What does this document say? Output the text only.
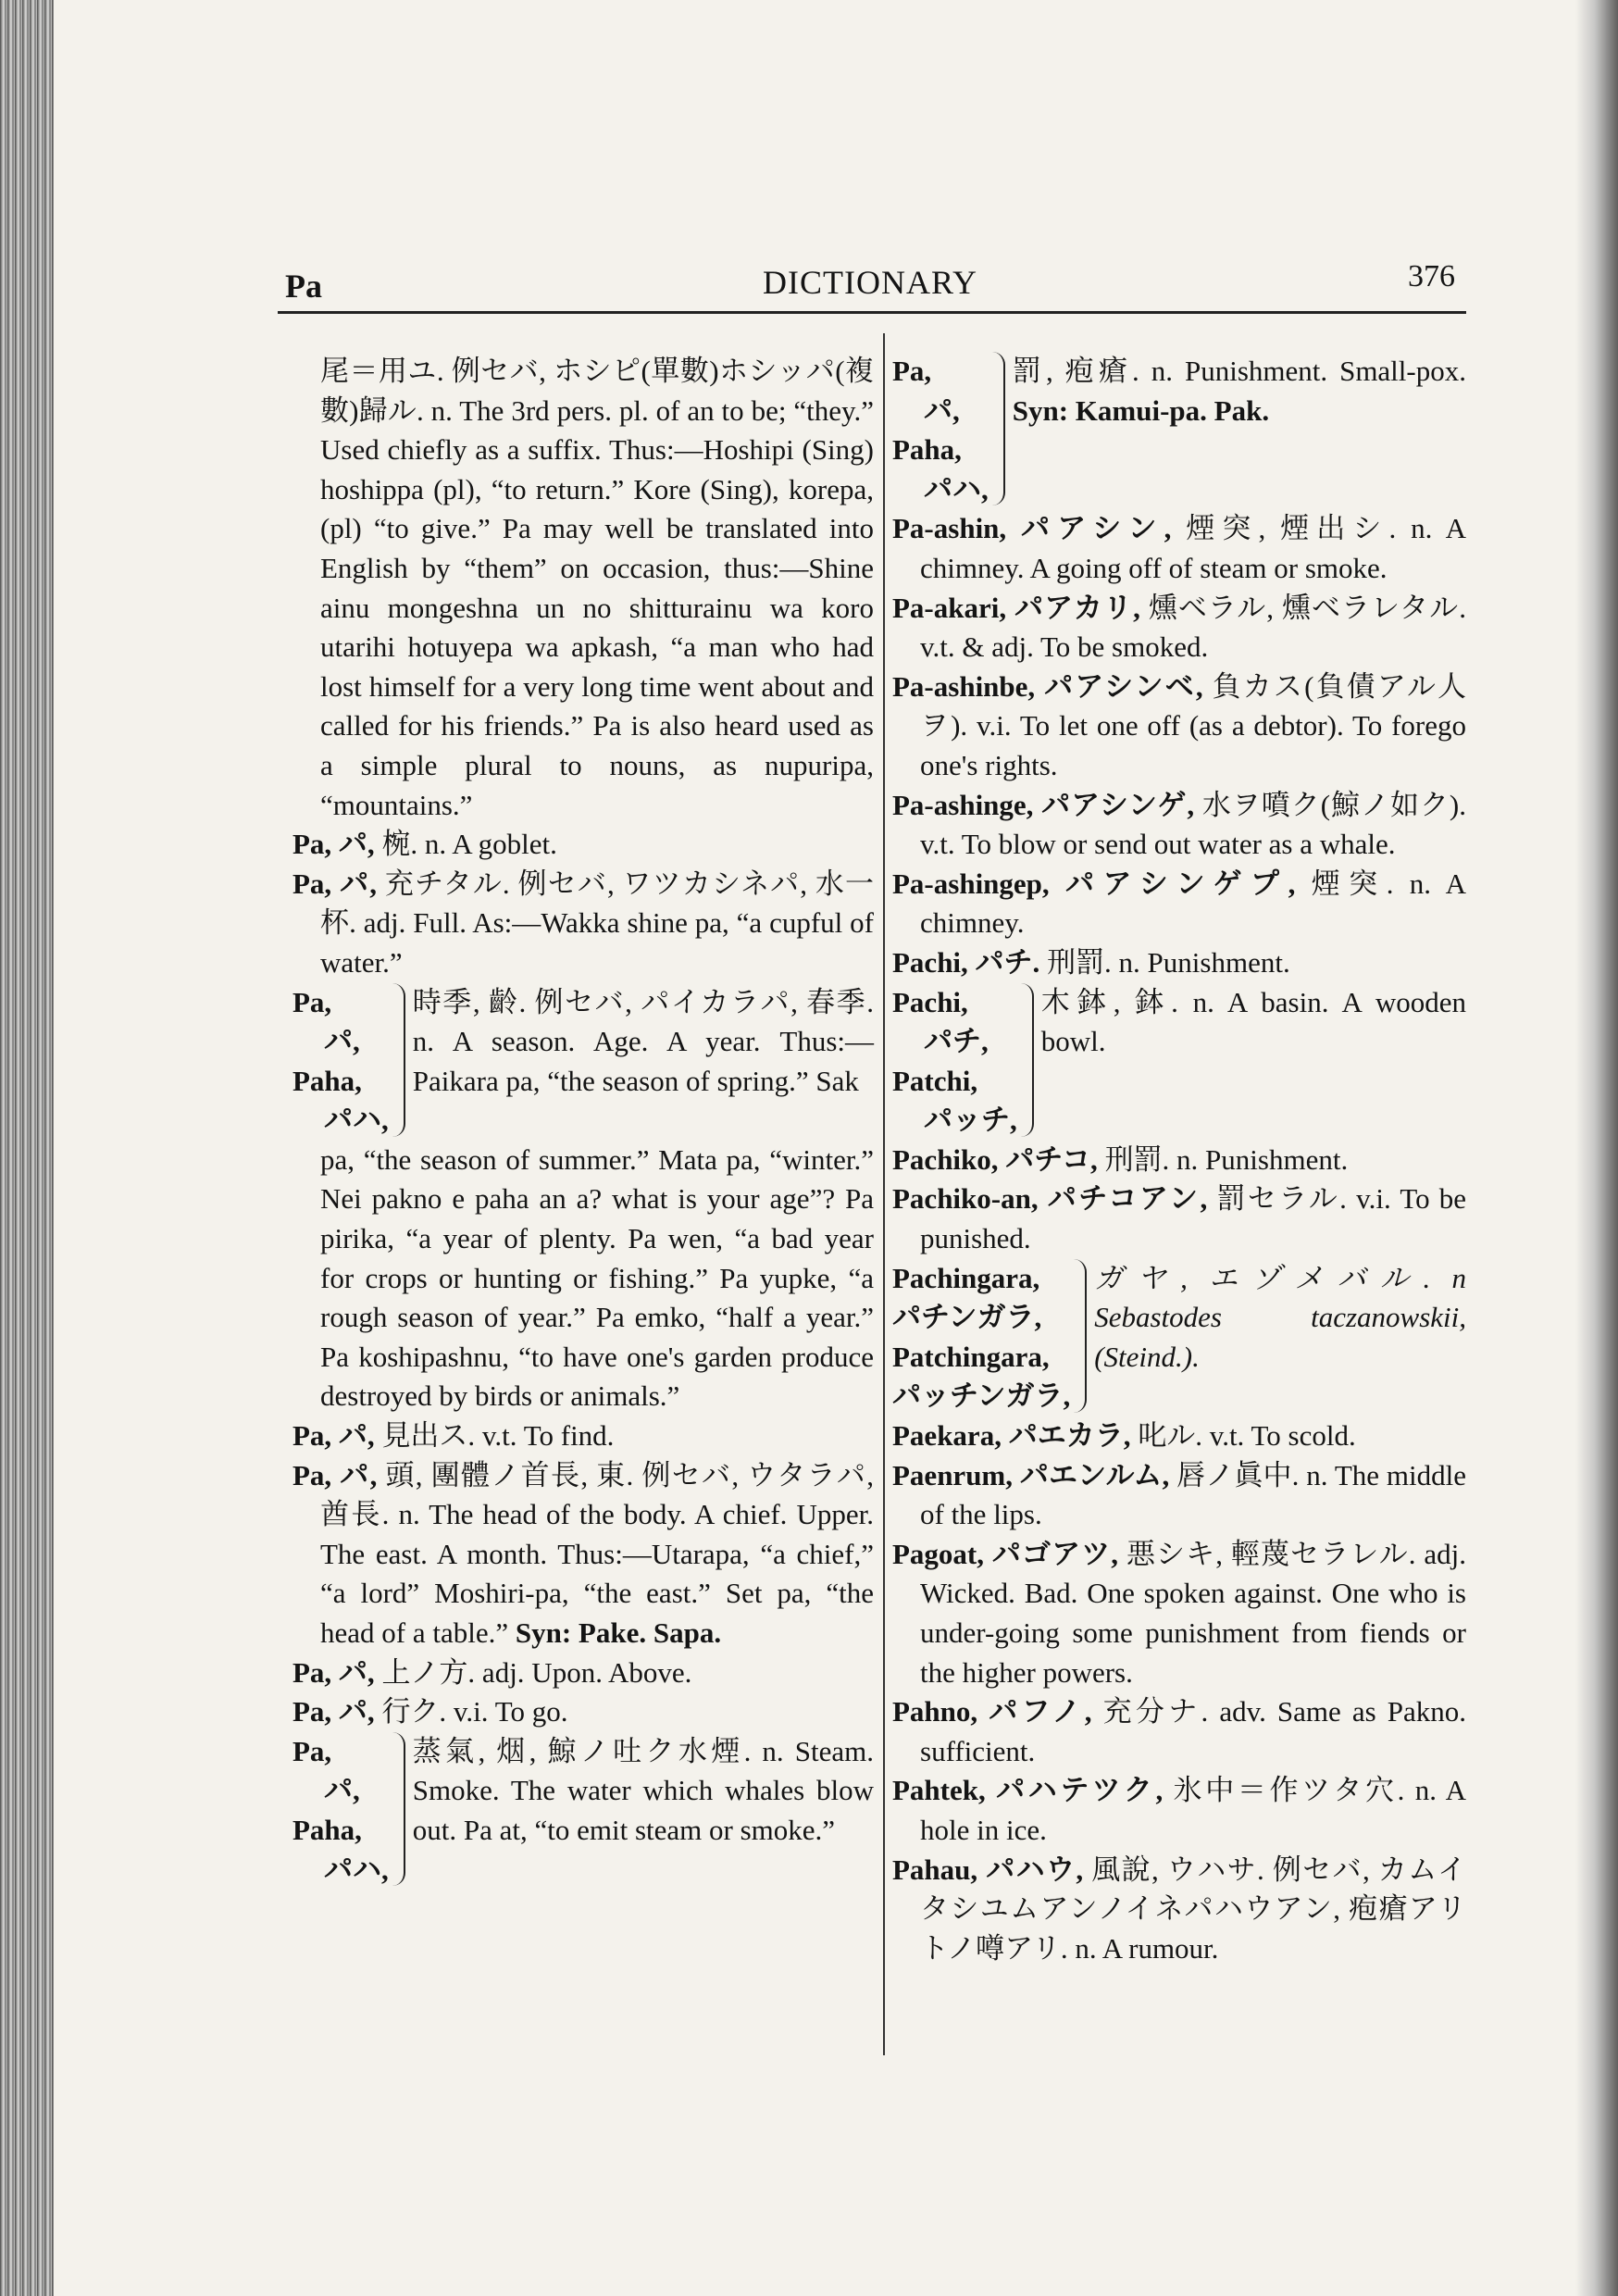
Pa	DICTIONARY	376

尾＝用ユ. 例セバ, ホシピ(單數)ホシッパ(複數)歸ル. n. The 3rd pers. pl. of an to be; “they.” Used chiefly as a suffix. Thus:—Hoshipi (Sing) hoshippa (pl), “to return.” Kore (Sing), korepa, (pl) “to give.” Pa may well be translated into English by “them” on occasion, thus:—Shine ainu mongeshna un no shitturainu wa koro utarihi hotuyepa wa apkash, “a man who had lost himself for a very long time went about and called for his friends.” Pa is also heard used as a simple plural to nouns, as nupuripa, “mountains.”

Pa, パ, 椀. n. A goblet.

Pa, パ, 充チタル. 例セバ, ワツカシネパ, 水一杯. adj. Full. As:—Wakka shine pa, “a cupful of water.”

Pa,
パ,
Paha,
パハ,
時季, 齡. 例セバ, パイカラパ, 春季. n. A season. Age. A year. Thus:—Paikara pa, “the season of spring.” Sak

pa, “the season of summer.” Mata pa, “winter.” Nei pakno e paha an a? what is your age”? Pa pirika, “a year of plenty. Pa wen, “a bad year for crops or hunting or fishing.” Pa yupke, “a rough season of year.” Pa emko, “half a year.” Pa koshipashnu, “to have one's garden produce destroyed by birds or animals.”

Pa, パ, 見出ス. v.t. To find.

Pa, パ, 頭, 團體ノ首長, 東. 例セバ, ウタラパ, 酋長. n. The head of the body. A chief. Upper. The east. A month. Thus:—Utarapa, “a chief,” “a lord” Moshiri-pa, “the east.” Set pa, “the head of a table.” Syn: Pake. Sapa.

Pa, パ, 上ノ方. adj. Upon. Above.

Pa, パ, 行ク. v.i. To go.

Pa,
パ,
Paha,
パハ,
蒸氣, 烟, 鯨ノ吐ク水煙. n. Steam. Smoke. The water which whales blow out. Pa at, “to emit steam or smoke.”
Pa,
パ,
Paha,
パハ,
罰, 疱瘡. n. Punishment. Small-pox. Syn: Kamui-pa. Pak.

Pa-ashin, パアシン, 煙突, 煙出シ. n. A chimney. A going off of steam or smoke.

Pa-akari, パアカリ, 燻ベラル, 燻ベラレタル. v.t. & adj. To be smoked.

Pa-ashinbe, パアシンベ, 負カス(負債アル人ヲ). v.i. To let one off (as a debtor). To forego one's rights.

Pa-ashinge, パアシンゲ, 水ヲ噴ク(鯨ノ如ク). v.t. To blow or send out water as a whale.

Pa-ashingep, パアシンゲプ, 煙突. n. A chimney.

Pachi, パチ. 刑罰. n. Punishment.

Pachi,
パチ,
Patchi,
パッチ,
木鉢, 鉢. n. A basin. A wooden bowl.

Pachiko, パチコ, 刑罰. n. Punishment.

Pachiko-an, パチコアン, 罰セラル. v.i. To be punished.

Pachingara,
パチンガラ,
Patchingara,
パッチンガラ,
ガヤ, エゾメバル. n Sebastodes taczanowskii, (Steind.).

Paekara, パエカラ, 叱ル. v.t. To scold.

Paenrum, パエンルム, 唇ノ眞中. n. The middle of the lips.

Pagoat, パゴアツ, 悪シキ, 輕蔑セラレル. adj. Wicked. Bad. One spoken against. One who is under-going some punishment from fiends or the higher powers.

Pahno, パフノ, 充分ナ. adv. Same as Pakno. sufficient.

Pahtek, パハテツク, 氷中＝作ツタ穴. n. A hole in ice.

Pahau, パハウ, 風說, ウハサ. 例セバ, カムイタシユムアンノイネパハウアン, 疱瘡アリトノ噂アリ. n. A rumour.
